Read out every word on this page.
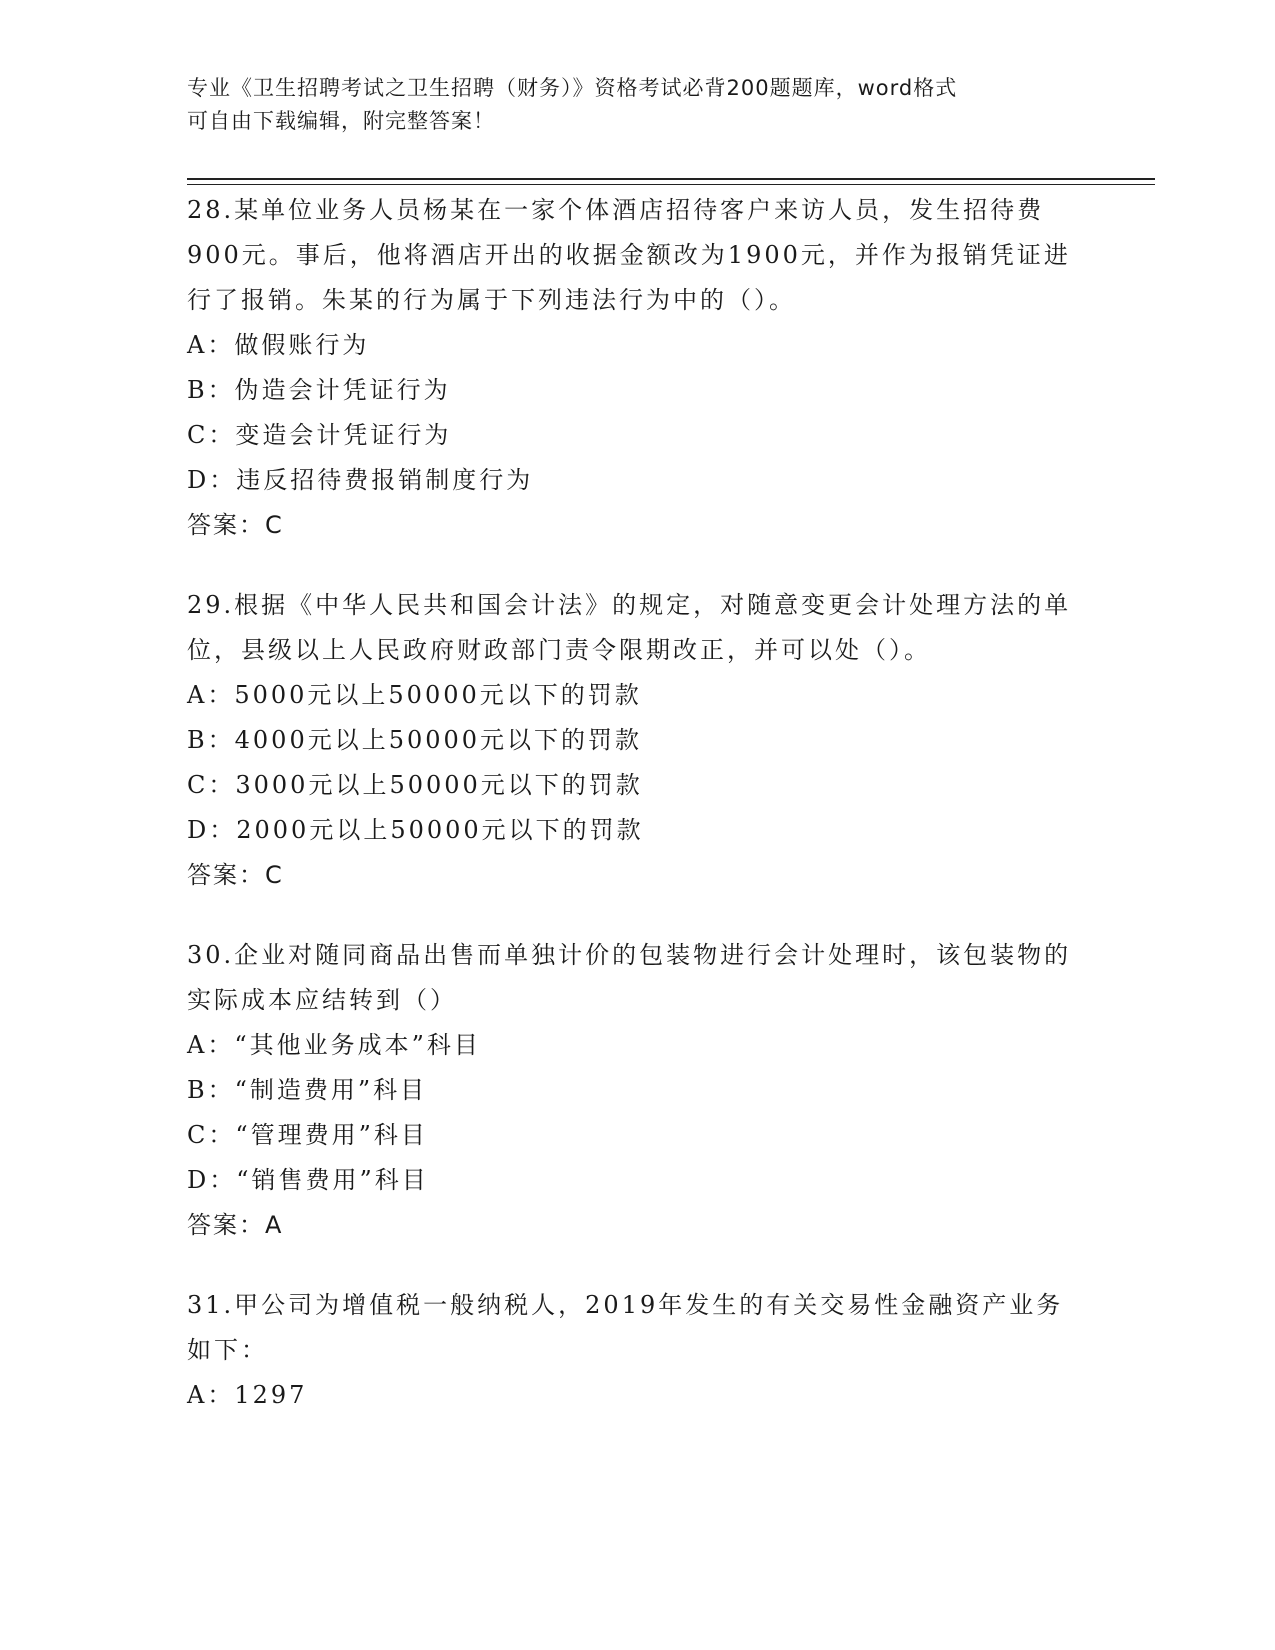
专业《卫生招聘考试之卫生招聘（财务）》资格考试必背200题题库，word格式
可自由下载编辑，附完整答案！
28.某单位业务人员杨某在一家个体酒店招待客户来访人员，发生招待费900元。事后，他将酒店开出的收据金额改为1900元，并作为报销凭证进行了报销。朱某的行为属于下列违法行为中的（）。
A：做假账行为
B：伪造会计凭证行为
C：变造会计凭证行为
D：违反招待费报销制度行为
答案：C
29.根据《中华人民共和国会计法》的规定，对随意变更会计处理方法的单位，县级以上人民政府财政部门责令限期改正，并可以处（）。
A：5000元以上50000元以下的罚款
B：4000元以上50000元以下的罚款
C：3000元以上50000元以下的罚款
D：2000元以上50000元以下的罚款
答案：C
30.企业对随同商品出售而单独计价的包装物进行会计处理时，该包装物的实际成本应结转到（）
A：“其他业务成本”科目
B：“制造费用”科目
C：“管理费用”科目
D：“销售费用”科目
答案：A
31.甲公司为增值税一般纳税人，2019年发生的有关交易性金融资产业务如下：
A：1297
